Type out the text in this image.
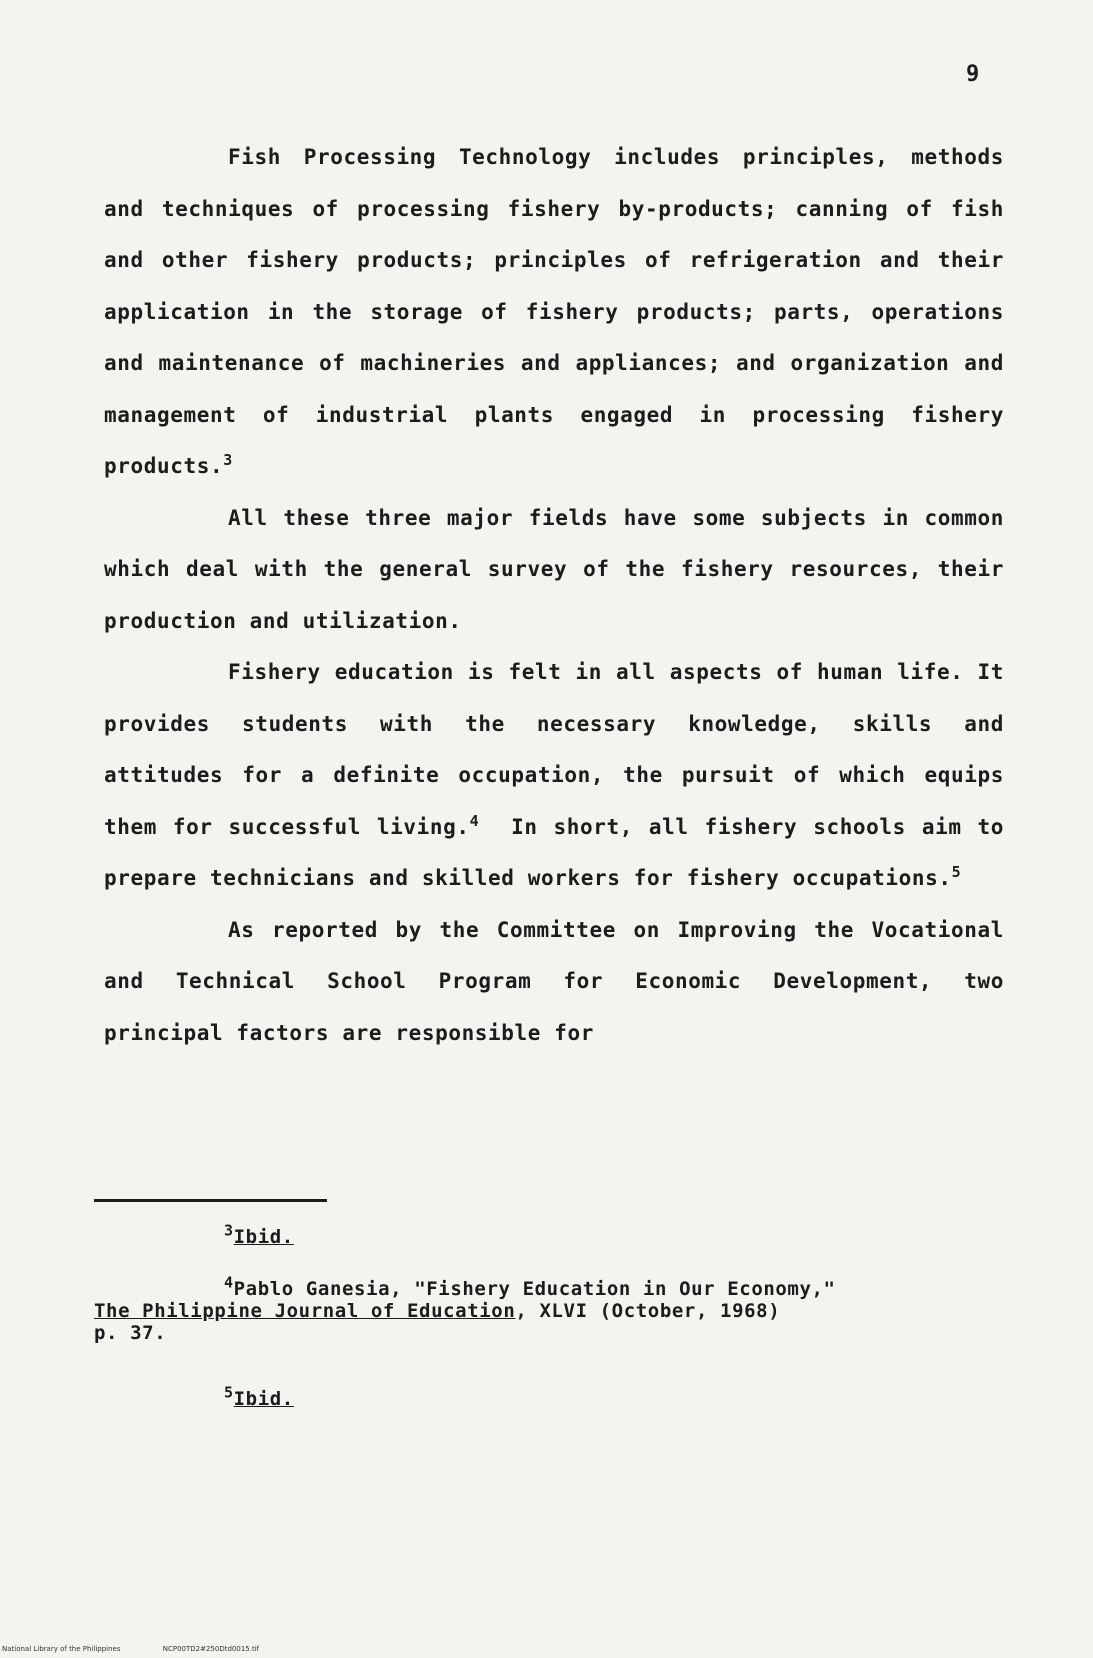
9

Fish Processing Technology includes principles, methods and techniques of processing fishery by-products; canning of fish and other fishery products; principles of refrigeration and their application in the storage of fishery products; parts, operations and maintenance of machineries and appliances; and organization and management of industrial plants engaged in processing fishery products.$^3$

All these three major fields have some subjects in common which deal with the general survey of the fishery resources, their production and utilization.

Fishery education is felt in all aspects of human life. It provides students with the necessary knowledge, skills and attitudes for a definite occupation, the pursuit of which equips them for successful living.$^4$ In short, all fishery schools aim to prepare technicians and skilled workers for fishery occupations.$^5$

As reported by the Committee on Improving the Vocational and Technical School Program for Economic Development, two principal factors are responsible for

$^3$Ibid.
$^4$Pablo Ganesia, "Fishery Education in Our Economy,"
The Philippine Journal of Education, XLVI (October, 1968)
p. 37.
$^5$Ibid.
National Library of the Philippines	NCP00TD2#250Dtd0015.tif
